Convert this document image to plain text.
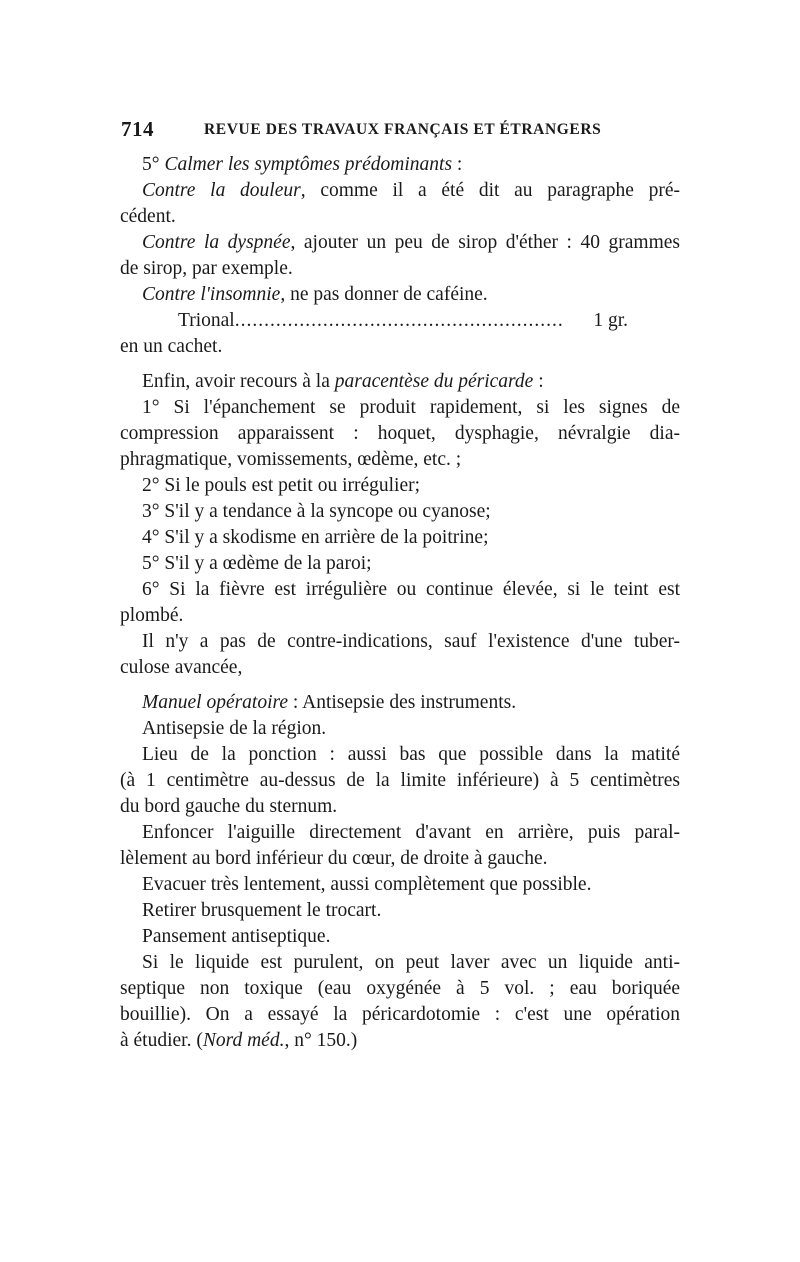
714	REVUE DES TRAVAUX FRANÇAIS ET ÉTRANGERS
5° Calmer les symptômes prédominants :
Contre la douleur, comme il a été dit au paragraphe pré-
cédent.
Contre la dyspnée, ajouter un peu de sirop d'éther : 40 grammes
de sirop, par exemple.
Contre l'insomnie, ne pas donner de caféine.
Trional
.....	1 gr.
en un cachet.
Enfin, avoir recours à la paracentèse du péricarde :
1° Si l'épanchement se produit rapidement, si les signes de
compression apparaissent : hoquet, dysphagie, névralgie dia-
phragmatique, vomissements, œdème, etc. ;
2° Si le pouls est petit ou irrégulier;
3° S'il y a tendance à la syncope ou cyanose;
4° S'il y a skodisme en arrière de la poitrine;
5° S'il y a œdème de la paroi;
6° Si la fièvre est irrégulière ou continue élevée, si le teint est
plombé.
Il n'y a pas de contre-indications, sauf l'existence d'une tuber-
culose avancée,
Manuel opératoire : Antisepsie des instruments.
Antisepsie de la région.
Lieu de la ponction : aussi bas que possible dans la matité
(à 1 centimètre au-dessus de la limite inférieure) à 5 centimètres
du bord gauche du sternum.
Enfoncer l'aiguille directement d'avant en arrière, puis paral-
lèlement au bord inférieur du cœur, de droite à gauche.
Evacuer très lentement, aussi complètement que possible.
Retirer brusquement le trocart.
Pansement antiseptique.
Si le liquide est purulent, on peut laver avec un liquide anti-
septique non toxique (eau oxygénée à 5 vol. ; eau boriquée
bouillie). On a essayé la péricardotomie : c'est une opération
à étudier. (Nord méd., n° 150.)
